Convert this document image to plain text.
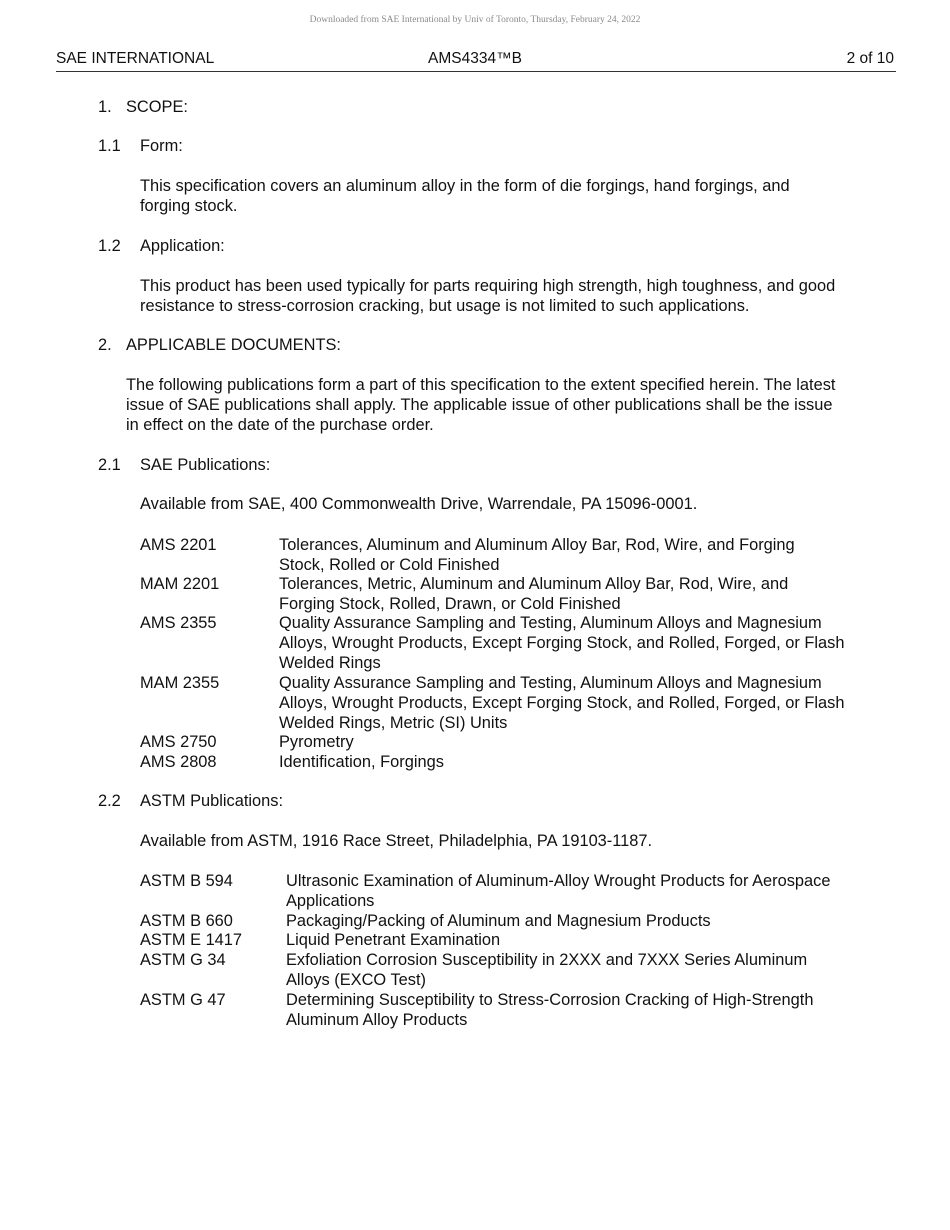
Downloaded from SAE International by Univ of Toronto, Thursday, February 24, 2022
SAE INTERNATIONAL	AMS4334™B	2 of 10
1. SCOPE:
1.1 Form:
This specification covers an aluminum alloy in the form of die forgings, hand forgings, and forging stock.
1.2 Application:
This product has been used typically for parts requiring high strength, high toughness, and good resistance to stress-corrosion cracking, but usage is not limited to such applications.
2. APPLICABLE DOCUMENTS:
The following publications form a part of this specification to the extent specified herein. The latest issue of SAE publications shall apply. The applicable issue of other publications shall be the issue in effect on the date of the purchase order.
2.1 SAE Publications:
Available from SAE, 400 Commonwealth Drive, Warrendale, PA 15096-0001.
AMS 2201	Tolerances, Aluminum and Aluminum Alloy Bar, Rod, Wire, and Forging Stock, Rolled or Cold Finished
MAM 2201	Tolerances, Metric, Aluminum and Aluminum Alloy Bar, Rod, Wire, and Forging Stock, Rolled, Drawn, or Cold Finished
AMS 2355	Quality Assurance Sampling and Testing, Aluminum Alloys and Magnesium Alloys, Wrought Products, Except Forging Stock, and Rolled, Forged, or Flash Welded Rings
MAM 2355	Quality Assurance Sampling and Testing, Aluminum Alloys and Magnesium Alloys, Wrought Products, Except Forging Stock, and Rolled, Forged, or Flash Welded Rings, Metric (SI) Units
AMS 2750	Pyrometry
AMS 2808	Identification, Forgings
2.2 ASTM Publications:
Available from ASTM, 1916 Race Street, Philadelphia, PA 19103-1187.
ASTM B 594	Ultrasonic Examination of Aluminum-Alloy Wrought Products for Aerospace Applications
ASTM B 660	Packaging/Packing of Aluminum and Magnesium Products
ASTM E 1417	Liquid Penetrant Examination
ASTM G 34	Exfoliation Corrosion Susceptibility in 2XXX and 7XXX Series Aluminum Alloys (EXCO Test)
ASTM G 47	Determining Susceptibility to Stress-Corrosion Cracking of High-Strength Aluminum Alloy Products
